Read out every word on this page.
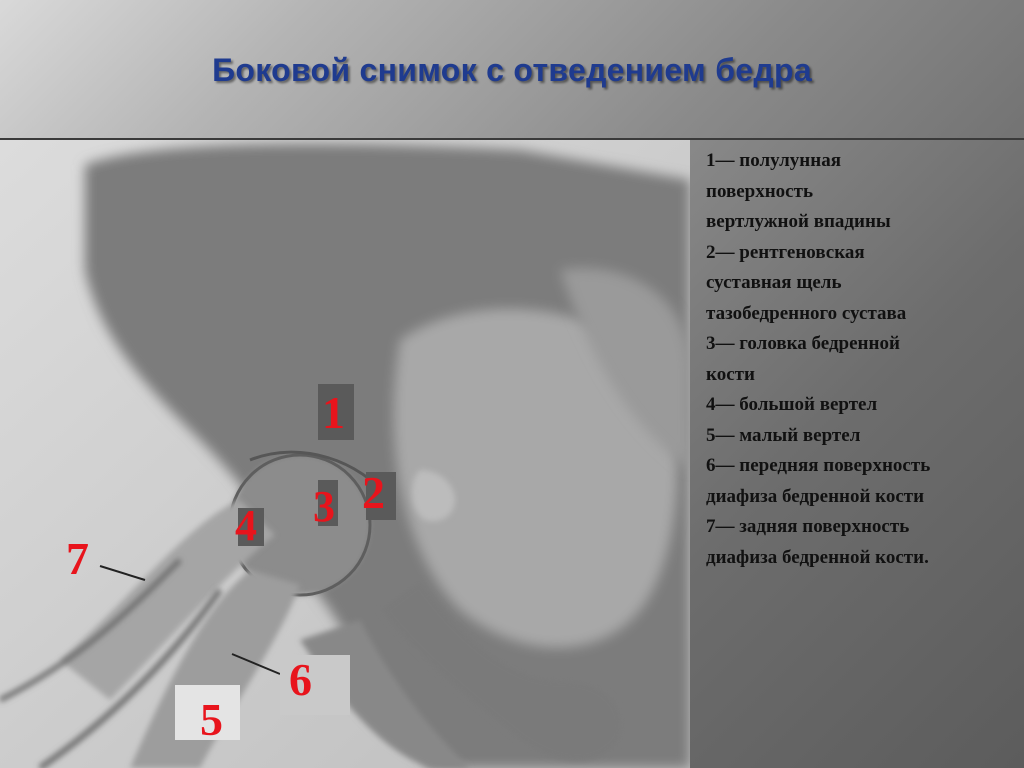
Боковой снимок с отведением бедра
1
2
3
4
5
6
7
1— полулунная
поверхность
вертлужной впадины
2— рентгеновская
суставная щель
тазобедренного сустава
3— головка бедренной
кости
4— большой вертел
5— малый вертел
6— передняя поверхность
диафиза бедренной кости
7— задняя поверхность
диафиза бедренной кости.
